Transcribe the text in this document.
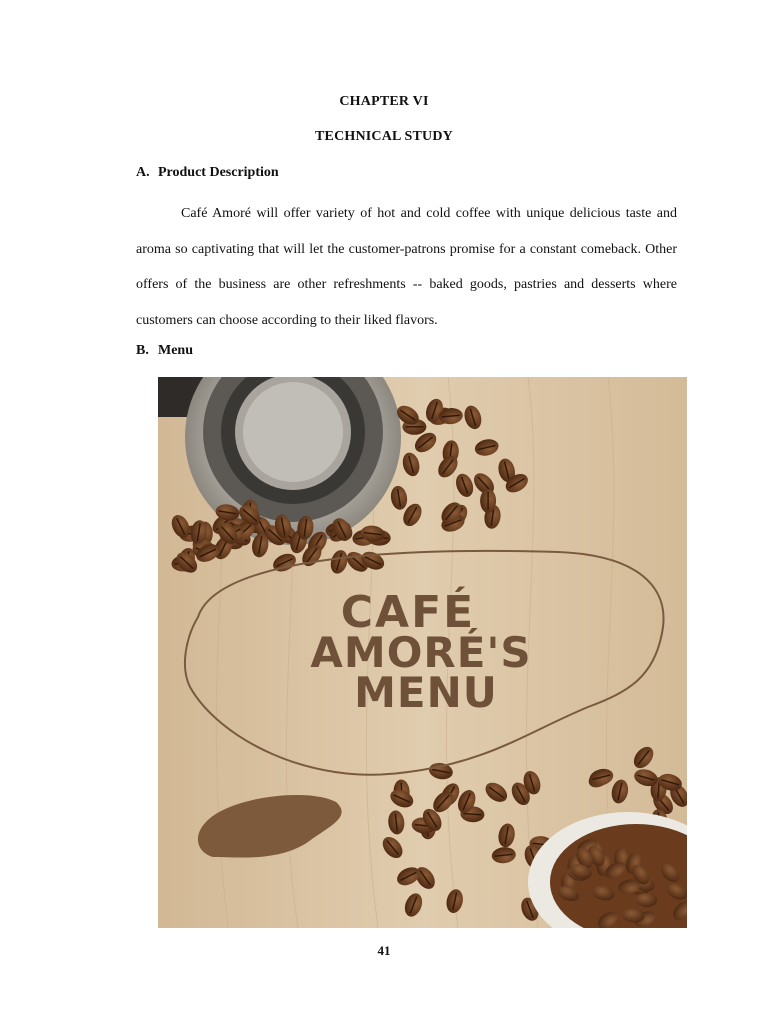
CHAPTER VI
TECHNICAL STUDY
A. Product Description
Café Amoré will offer variety of hot and cold coffee with unique delicious taste and aroma so captivating that will let the customer-patrons promise for a constant comeback. Other offers of the business are other refreshments -- baked goods, pastries and desserts where customers can choose according to their liked flavors.
B. Menu
CAFÉ
AMORÉ'S
MENU
41
